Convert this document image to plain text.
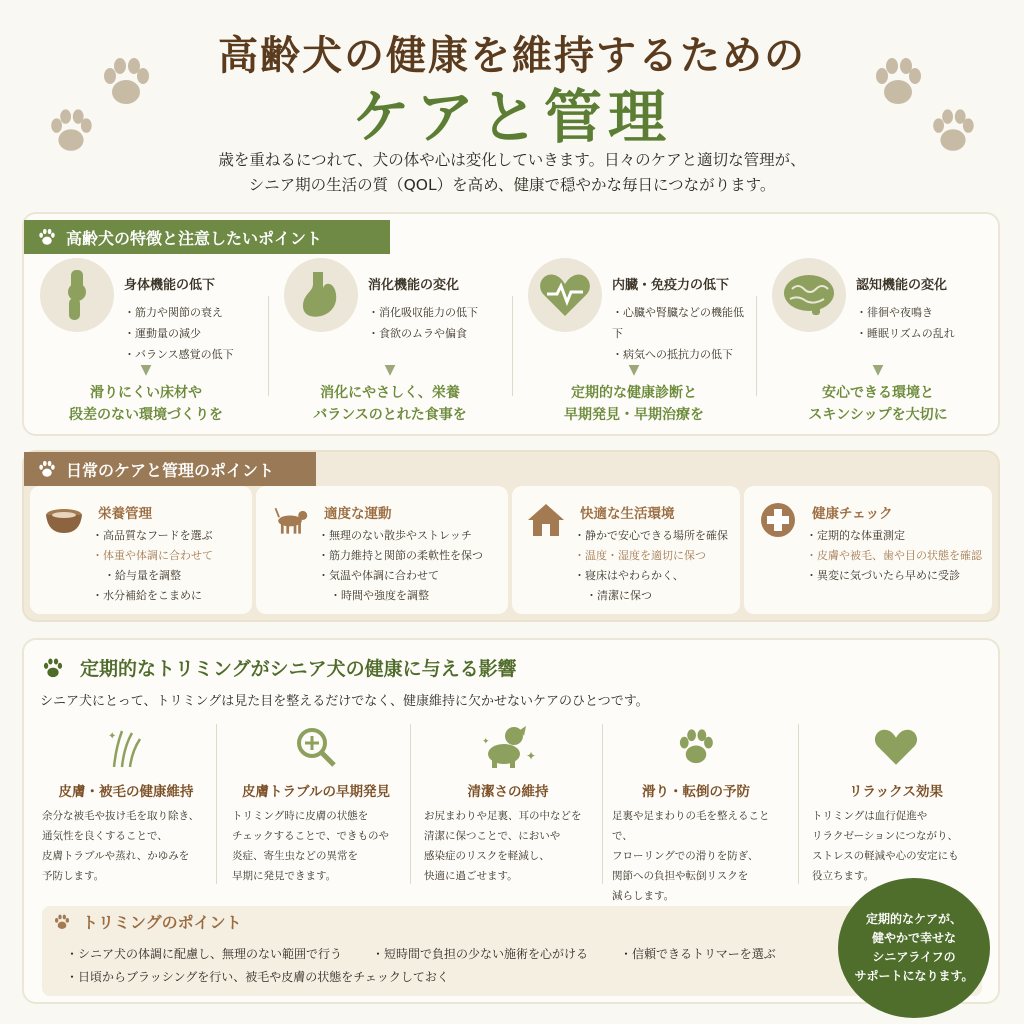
高齢犬の健康を維持するための
ケアと管理
歳を重ねるにつれて、犬の体や心は変化していきます。日々のケアと適切な管理が、
シニア期の生活の質（QOL）を高め、健康で穏やかな毎日につながります。
高齢犬の特徴と注意したいポイント
身体機能の低下
・ 筋力や関節の衰え
・ 運動量の減少
・ バランス感覚の低下
▼
滑りにくい床材や
段差のない環境づくりを
消化機能の変化
・ 消化吸収能力の低下
・ 食欲のムラや偏食
▼
消化にやさしく、栄養
バランスのとれた食事を
内臓・免疫力の低下
・ 心臓や腎臓などの機能低下
・ 病気への抵抗力の低下
▼
定期的な健康診断と
早期発見・早期治療を
認知機能の変化
・ 徘徊や夜鳴き
・ 睡眠リズムの乱れ
▼
安心できる環境と
スキンシップを大切に
日常のケアと管理のポイント
栄養管理
・ 高品質なフードを選ぶ
・ 体重や体調に合わせて
・ 給与量を調整
・ 水分補給をこまめに
適度な運動
・ 無理のない散歩やストレッチ
・ 筋力維持と関節の柔軟性を保つ
・ 気温や体調に合わせて
・ 時間や強度を調整
快適な生活環境
・ 静かで安心できる場所を確保
・ 温度・湿度を適切に保つ
・ 寝床はやわらかく、
・ 清潔に保つ
健康チェック
・ 定期的な体重測定
・ 皮膚や被毛、歯や目の状態を確認
・ 異変に気づいたら早めに受診
定期的なトリミングがシニア犬の健康に与える影響
シニア犬にとって、トリミングは見た目を整えるだけでなく、健康維持に欠かせないケアのひとつです。
✦
皮膚・被毛の健康維持
余分な被毛や抜け毛を取り除き、
通気性を良くすることで、
皮膚トラブルや蒸れ、かゆみを
予防します。
皮膚トラブルの早期発見
トリミング時に皮膚の状態を
チェックすることで、できものや
炎症、寄生虫などの異常を
早期に発見できます。
✦
✦
清潔さの維持
お尻まわりや足裏、耳の中などを
清潔に保つことで、においや
感染症のリスクを軽減し、
快適に過ごせます。
滑り・転倒の予防
足裏や足まわりの毛を整えることで、
フローリングでの滑りを防ぎ、
関節への負担や転倒リスクを
減らします。
リラックス効果
トリミングは血行促進や
リラクゼーションにつながり、
ストレスの軽減や心の安定にも
役立ちます。
トリミングのポイント
・ シニア犬の体調に配慮し、無理のない範囲で行う	・ 短時間で負担の少ない施術を心がける	・ 信頼できるトリマーを選ぶ
・ 日頃からブラッシングを行い、被毛や皮膚の状態をチェックしておく
定期的なケアが、
健やかで幸せな
シニアライフの
サポートになります。
